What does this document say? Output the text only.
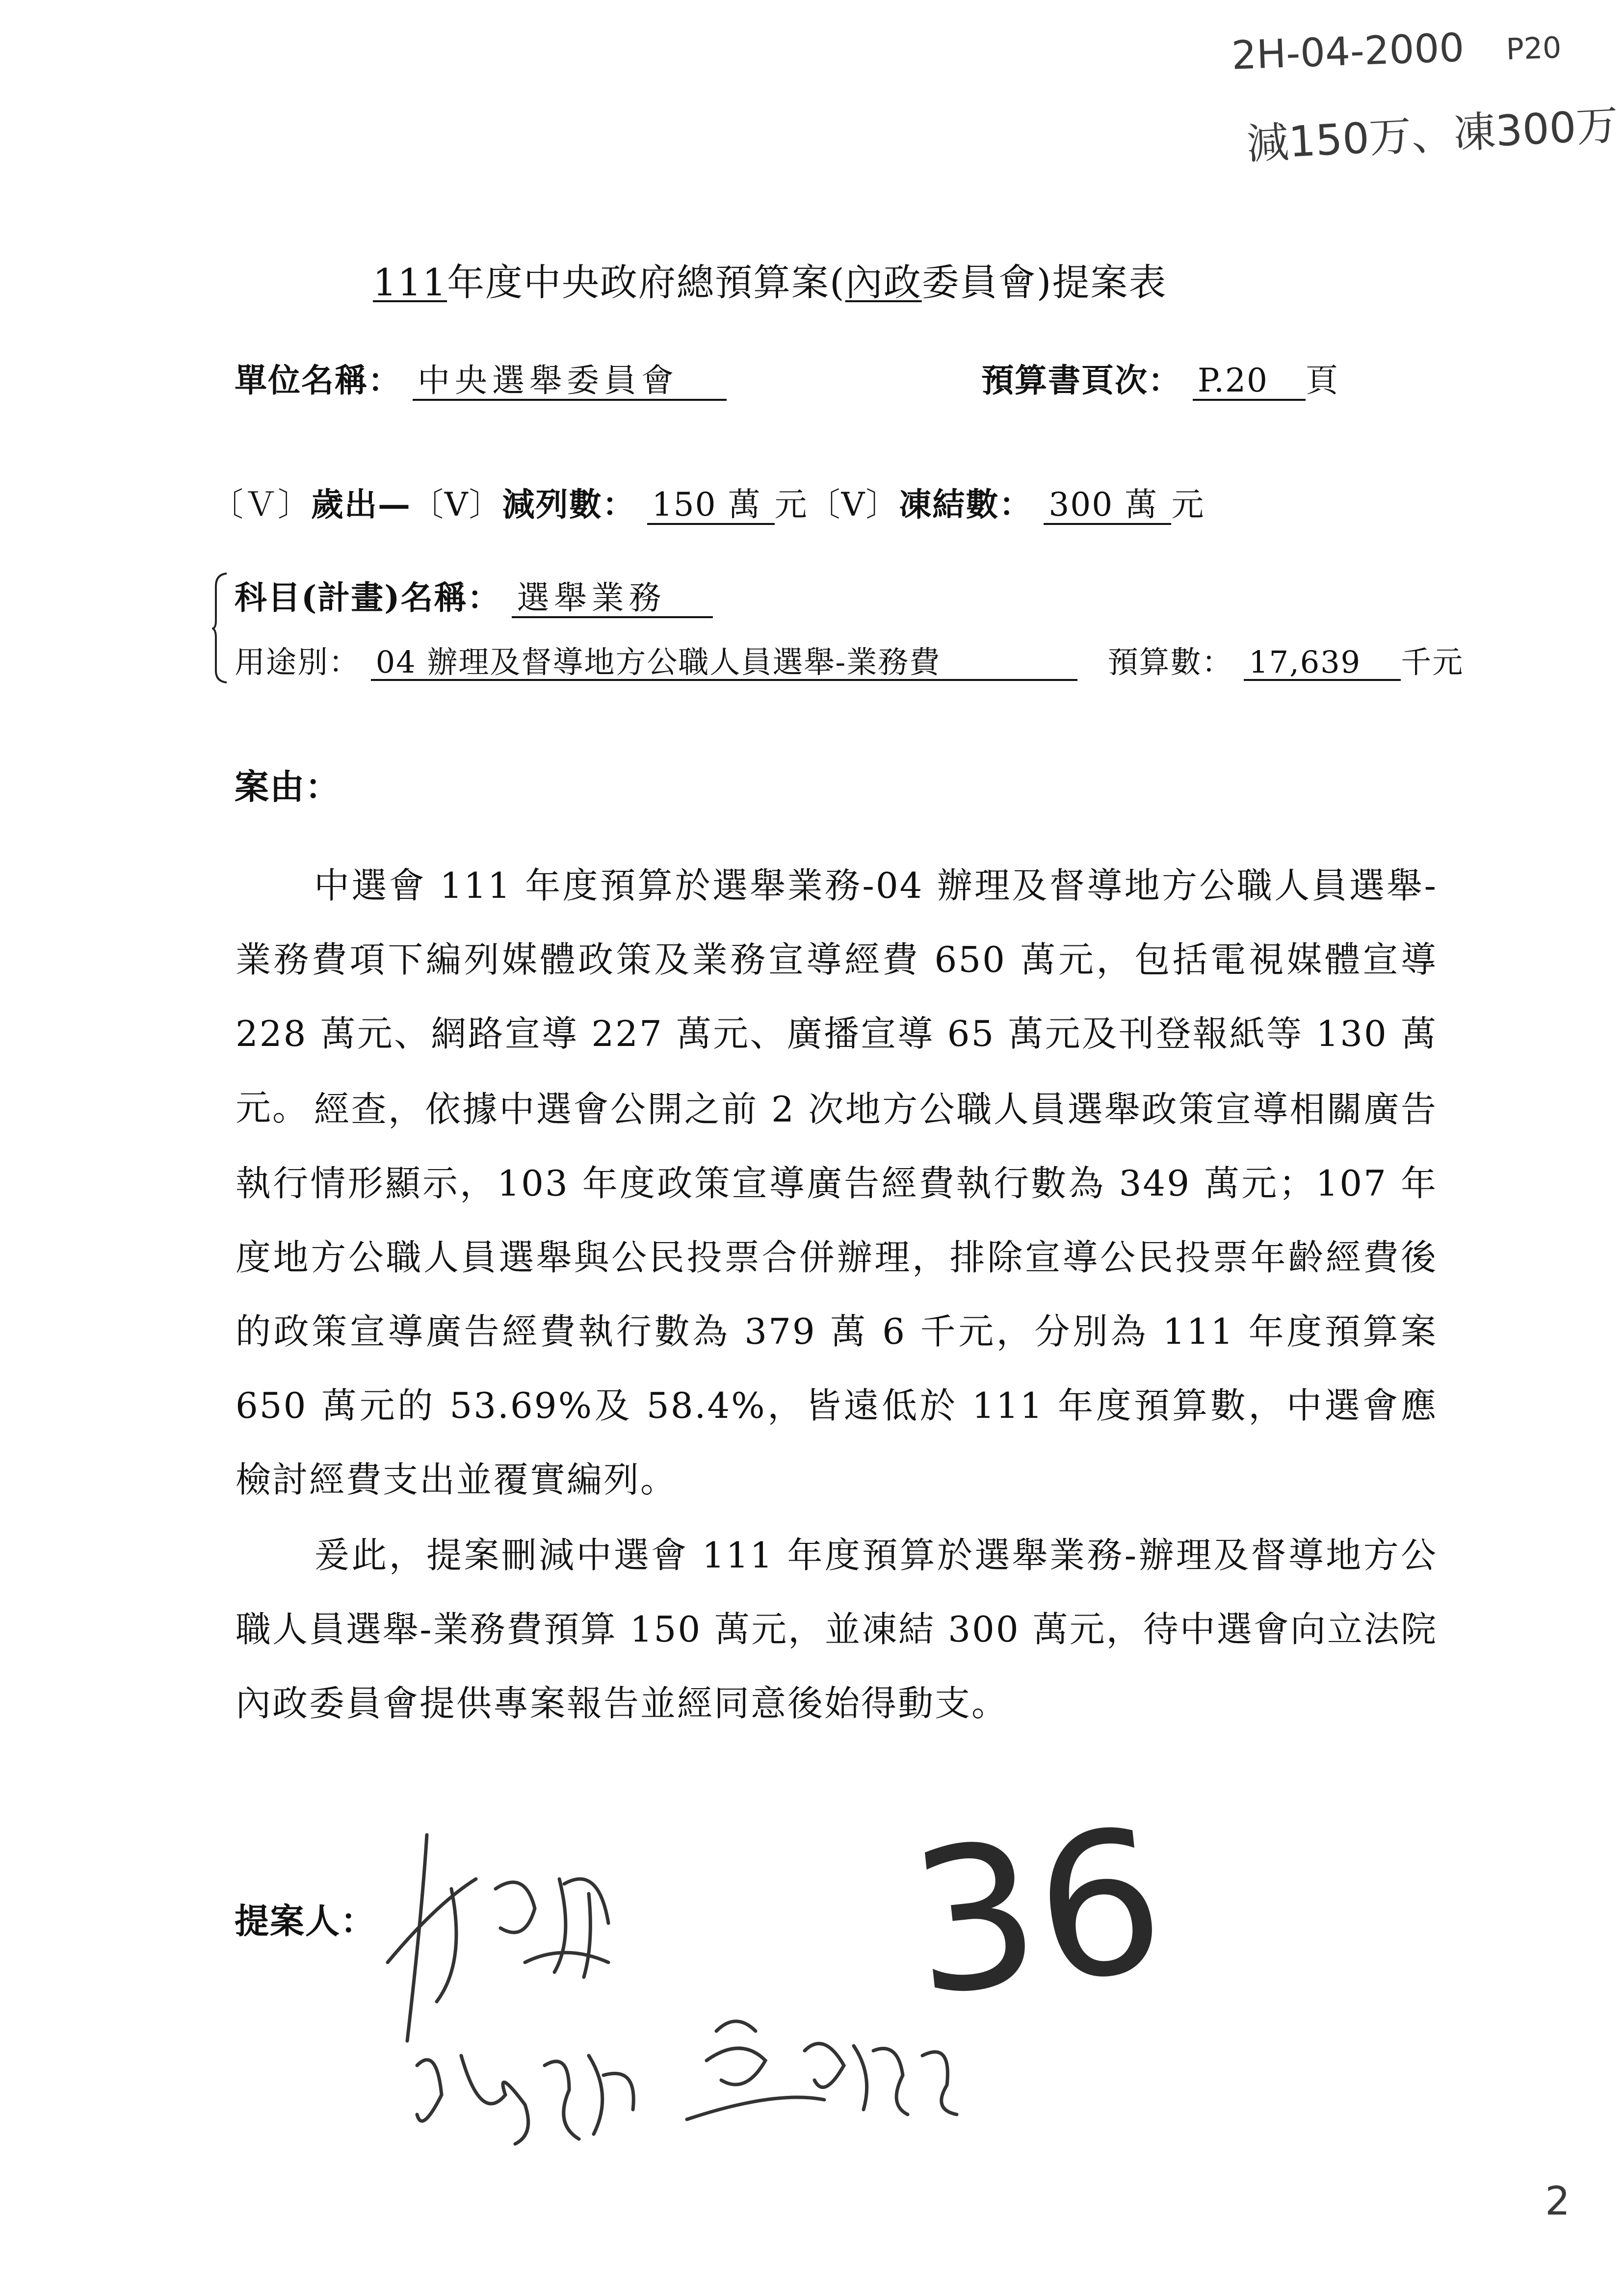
2H-04-2000 P20
減150万、凍300万
111年度中央政府總預算案(內政委員會)提案表
單位名稱： 中央選舉委員會	預算書頁次： P.20 頁
〔Ｖ〕歲出—〔V〕減列數： 150 萬 元〔V〕凍結數： 300 萬 元
科目(計畫)名稱： 選舉業務
用途別： 04 辦理及督導地方公職人員選舉-業務費	預算數： 17,639 千元
案由：
中選會 111 年度預算於選舉業務-04 辦理及督導地方公職人員選舉-業務費項下編列媒體政策及業務宣導經費 650 萬元，包括電視媒體宣導 228 萬元、網路宣導 227 萬元、廣播宣導 65 萬元及刊登報紙等 130 萬元。 經查，依據中選會公開之前 2 次地方公職人員選舉政策宣導相關廣告執行情形顯示，103 年度政策宣導廣告經費執行數為 349 萬元；107 年度地方公職人員選舉與公民投票合併辦理，排除宣導公民投票年齡經費後的政策宣導廣告經費執行數為 379 萬 6 千元，分別為 111 年度預算案 650 萬元的 53.69%及 58.4%，皆遠低於 111 年度預算數，中選會應檢討經費支出並覆實編列。
爰此，提案刪減中選會 111 年度預算於選舉業務-辦理及督導地方公職人員選舉-業務費預算 150 萬元，並凍結 300 萬元，待中選會向立法院內政委員會提供專案報告並經同意後始得動支。
提案人：	36
2
